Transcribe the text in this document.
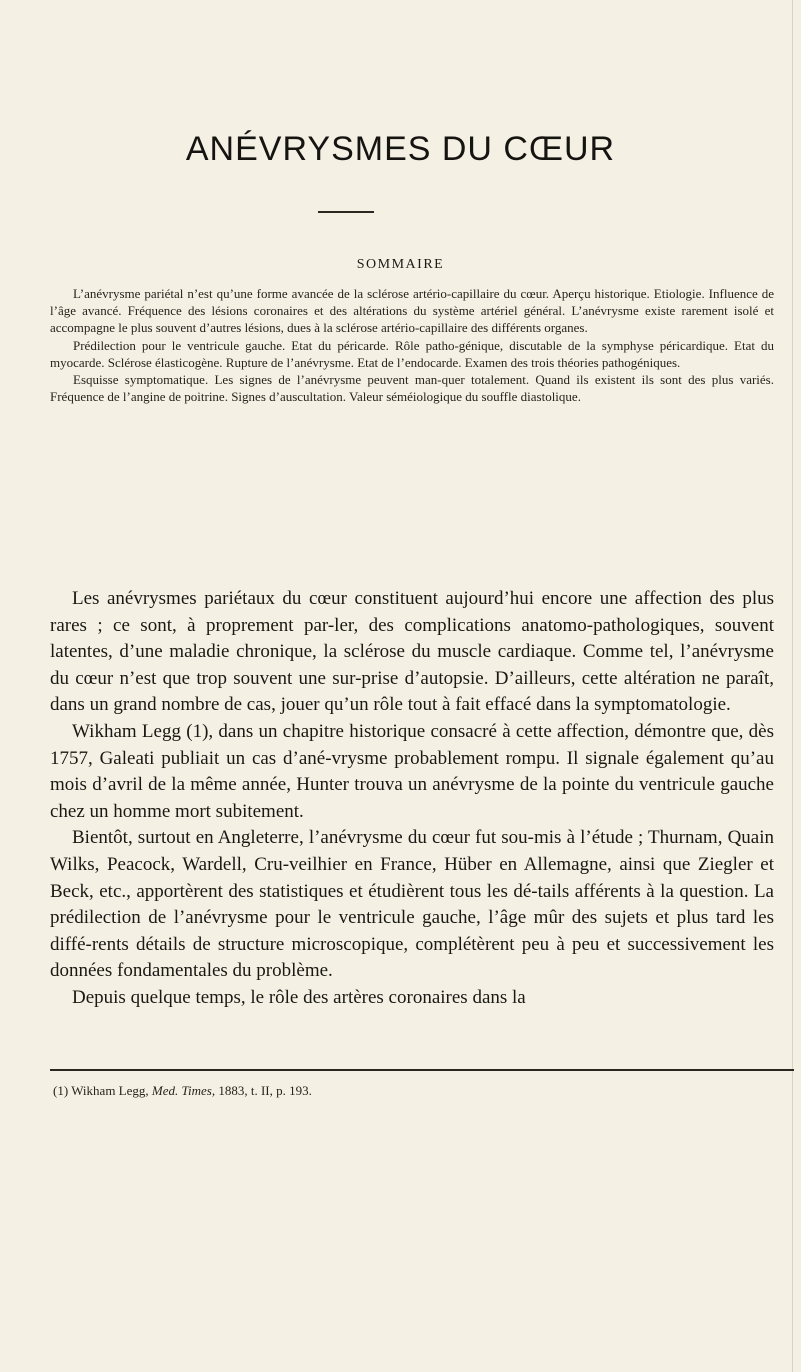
ANÉVRYSMES DU CŒUR
SOMMAIRE

L’anévrysme pariétal n’est qu’une forme avancée de la sclérose artério-capillaire du cœur. Aperçu historique. Etiologie. Influence de l’âge avancé. Fréquence des lésions coronaires et des altérations du système artériel général. L’anévrysme existe rarement isolé et accompagne le plus souvent d’autres lésions, dues à la sclérose artério-capillaire des différents organes.

Prédilection pour le ventricule gauche. Etat du péricarde. Rôle patho-génique, discutable de la symphyse péricardique. Etat du myocarde. Sclérose élasticogène. Rupture de l’anévrysme. Etat de l’endocarde. Examen des trois théories pathogéniques.

Esquisse symptomatique. Les signes de l’anévrysme peuvent man-quer totalement. Quand ils existent ils sont des plus variés. Fréquence de l’angine de poitrine. Signes d’auscultation. Valeur séméiologique du souffle diastolique.

Les anévrysmes pariétaux du cœur constituent aujourd’hui encore une affection des plus rares ; ce sont, à proprement par-ler, des complications anatomo-pathologiques, souvent latentes, d’une maladie chronique, la sclérose du muscle cardiaque. Comme tel, l’anévrysme du cœur n’est que trop souvent une sur-prise d’autopsie. D’ailleurs, cette altération ne paraît, dans un grand nombre de cas, jouer qu’un rôle tout à fait effacé dans la symptomatologie.

Wikham Legg (1), dans un chapitre historique consacré à cette affection, démontre que, dès 1757, Galeati publiait un cas d’ané-vrysme probablement rompu. Il signale également qu’au mois d’avril de la même année, Hunter trouva un anévrysme de la pointe du ventricule gauche chez un homme mort subitement.

Bientôt, surtout en Angleterre, l’anévrysme du cœur fut sou-mis à l’étude ; Thurnam, Quain Wilks, Peacock, Wardell, Cru-veilhier en France, Hüber en Allemagne, ainsi que Ziegler et Beck, etc., apportèrent des statistiques et étudièrent tous les dé-tails afférents à la question. La prédilection de l’anévrysme pour le ventricule gauche, l’âge mûr des sujets et plus tard les diffé-rents détails de structure microscopique, complétèrent peu à peu et successivement les données fondamentales du problème.

Depuis quelque temps, le rôle des artères coronaires dans la

(1) Wikham Legg, Med. Times, 1883, t. II, p. 193.
